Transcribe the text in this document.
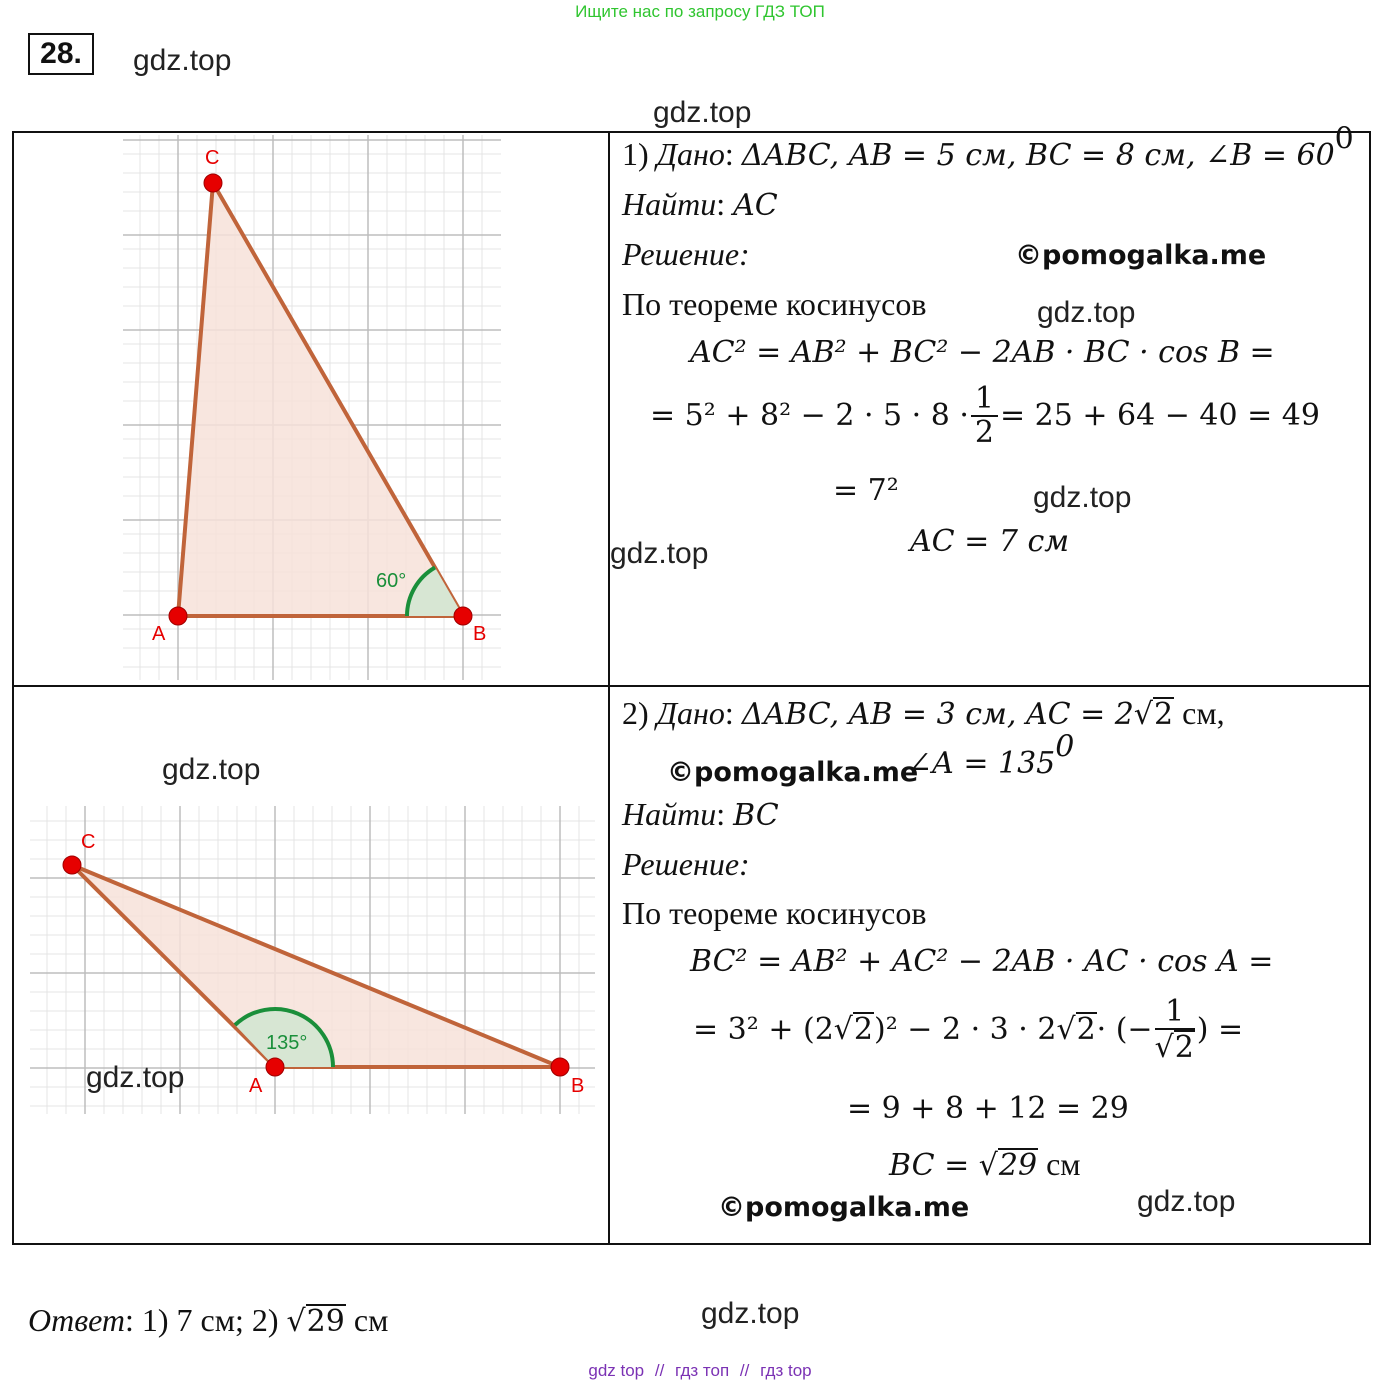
Ищите нас по запросу ГДЗ ТОП
28.	gdz.top
gdz.top
C
A	B
60°
1) Дано: ΔABC, AB = 5 см, BC = 8 см, ∠B = $60^0$
Найти: AC
Решение:	©pomogalka.me
По теореме косинусов	gdz.top
AC² = AB² + BC² − 2AB · BC · cos B =
= $5^2 + 8^2 - 2 \cdot 5 \cdot 8 \cdot \frac{1}{2} = 25 + 64 - 40 = 49$
= 7²	gdz.top
AC = 7 см
gdz.top
gdz.top
C
A	B
135°
gdz.top
2) Дано: ΔABC, AB = 3 см, AC = 2√2 см,
©pomogalka.me
∠A = $135^0$
Найти: BC
Решение:
По теореме косинусов
BC² = AB² + AC² − 2AB · AC · cos A =
= 3² + (2 √2 )² − 2 · 3 · 2 √2 · (− $\frac{1}{√2}$ ) =
= 9 + 8 + 12 = 29
BC = √29 см
©pomogalka.me	gdz.top
Ответ: 1) 7 см; 2) √29 см	gdz.top
gdz top // гдз топ // гдз top
